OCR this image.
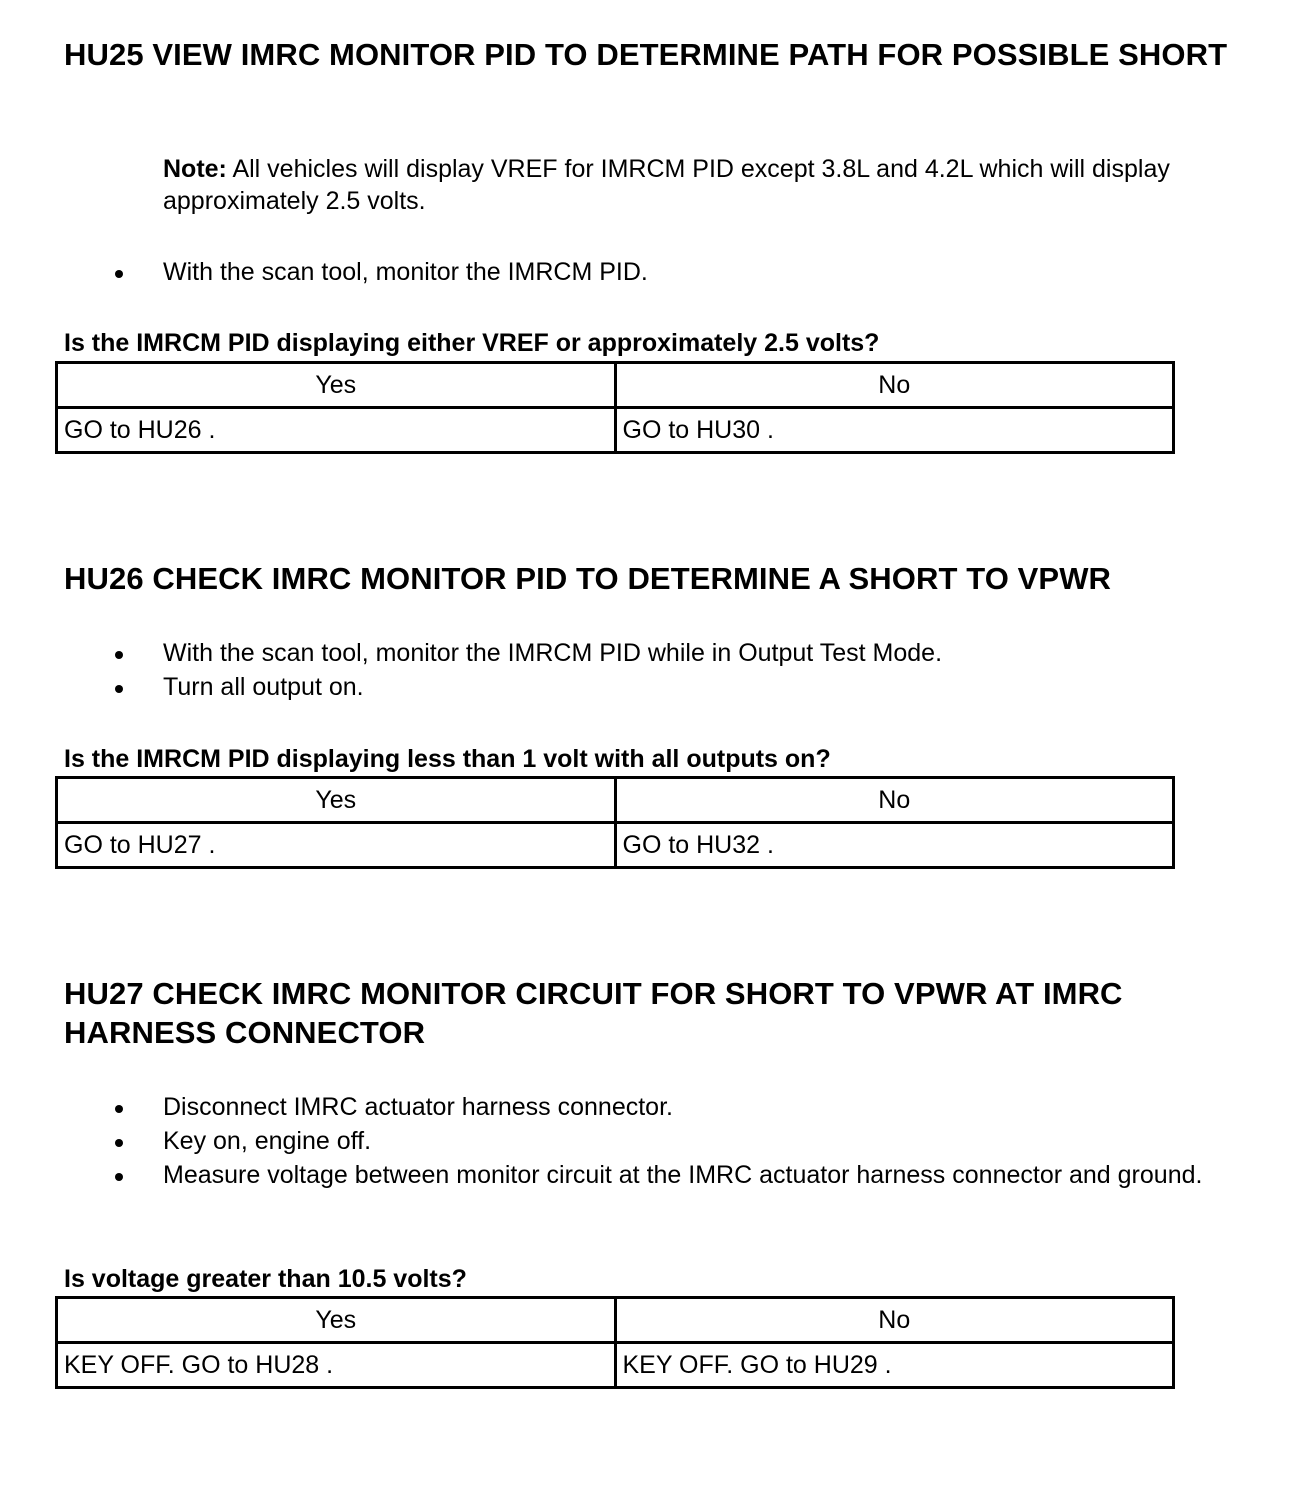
HU25 VIEW IMRC MONITOR PID TO DETERMINE PATH FOR POSSIBLE SHORT

Note: All vehicles will display VREF for IMRCM PID except 3.8L and 4.2L which will display approximately 2.5 volts.

With the scan tool, monitor the IMRCM PID.

Is the IMRCM PID displaying either VREF or approximately 2.5 volts?

Yes	No
GO to HU26 .	GO to HU30 .
HU26 CHECK IMRC MONITOR PID TO DETERMINE A SHORT TO VPWR
With the scan tool, monitor the IMRCM PID while in Output Test Mode.
Turn all output on.

Is the IMRCM PID displaying less than 1 volt with all outputs on?

Yes	No
GO to HU27 .	GO to HU32 .
HU27 CHECK IMRC MONITOR CIRCUIT FOR SHORT TO VPWR AT IMRC HARNESS CONNECTOR
Disconnect IMRC actuator harness connector.
Key on, engine off.
Measure voltage between monitor circuit at the IMRC actuator harness connector and ground.

Is voltage greater than 10.5 volts?

Yes	No
KEY OFF. GO to HU28 .	KEY OFF. GO to HU29 .
